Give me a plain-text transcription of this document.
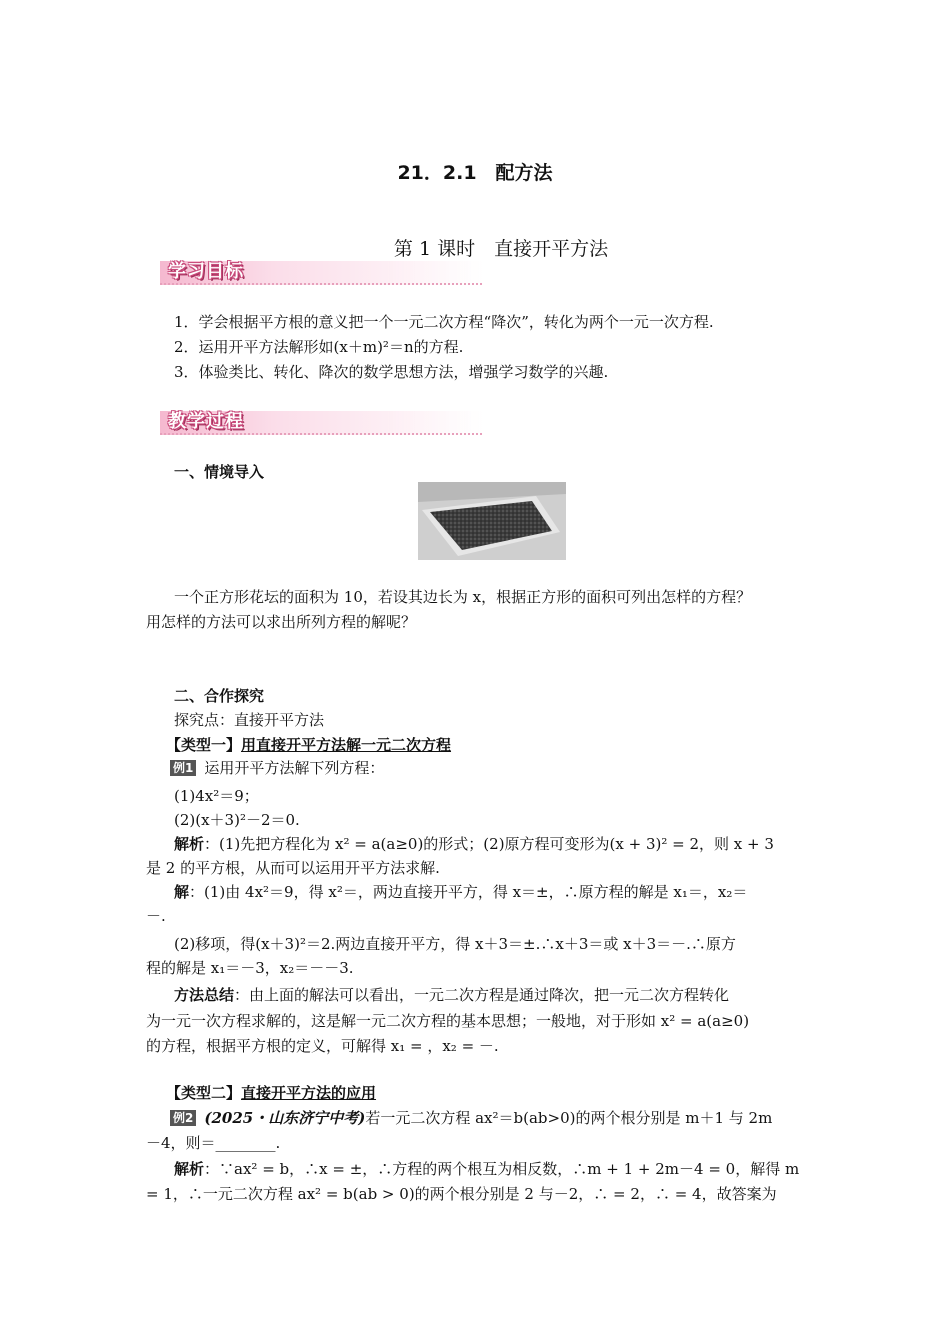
21．2.1　配方法
第 1 课时　直接开平方法
学习目标
1．学会根据平方根的意义把一个一元二次方程“降次”，转化为两个一元一次方程.
2．运用开平方法解形如(x＋m)²＝n的方程.
3．体验类比、转化、降次的数学思想方法，增强学习数学的兴趣.
教学过程
一、情境导入
一个正方形花坛的面积为 10，若设其边长为 x，根据正方形的面积可列出怎样的方程？
用怎样的方法可以求出所列方程的解呢？
二、合作探究
探究点：直接开平方法
【类型一】用直接开平方法解一元二次方程
例1 运用开平方法解下列方程：
(1)4x²＝9；
(2)(x＋3)²－2＝0.
解析：(1)先把方程化为 x² = a(a≥0)的形式；(2)原方程可变形为(x + 3)² = 2，则 x + 3
是 2 的平方根，从而可以运用开平方法求解.
解：(1)由 4x²＝9，得 x²＝，两边直接开平方，得 x＝±，∴原方程的解是 x₁＝，x₂＝
－.
(2)移项，得(x＋3)²＝2.两边直接开平方，得 x＋3＝±.∴x＋3＝或 x＋3＝－.∴原方
程的解是 x₁＝－3，x₂＝－－3.
方法总结：由上面的解法可以看出，一元二次方程是通过降次，把一元二次方程转化
为一元一次方程求解的，这是解一元二次方程的基本思想；一般地，对于形如 x² = a(a≥0)
的方程，根据平方根的定义，可解得 x₁ = ，x₂ = －.
【类型二】直接开平方法的应用
例2 (2025・山东济宁中考)若一元二次方程 ax²＝b(ab>0)的两个根分别是 m＋1 与 2m
－4，则＝________.
解析：∵ax² = b，∴x = ±，∴方程的两个根互为相反数，∴m + 1 + 2m－4 = 0，解得 m
= 1，∴一元二次方程 ax² = b(ab > 0)的两个根分别是 2 与－2，∴ = 2，∴ = 4，故答案为
